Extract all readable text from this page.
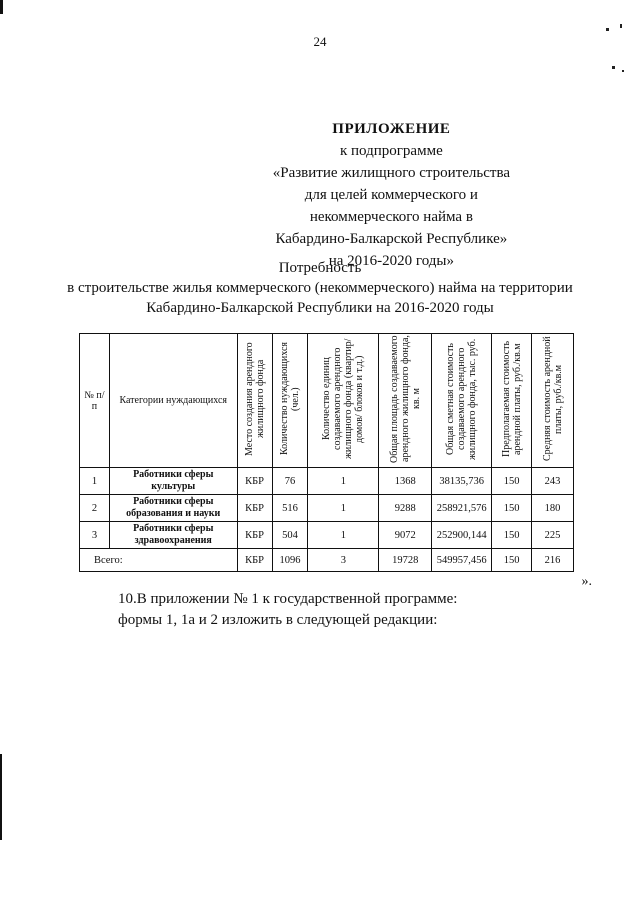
24
ПРИЛОЖЕНИЕ
к подпрограмме
«Развитие жилищного строительства
для целей коммерческого и
некоммерческого найма в
Кабардино-Балкарской Республике»
на 2016-2020 годы»
Потребность
в строительстве жилья коммерческого (некоммерческого) найма на территории
Кабардино-Балкарской Республики на 2016-2020 годы
№ п/п	Категории нуждающихся	Место создания арендного жилищного фонда	Количество нуждающихся (чел.)	Количество единиц создаваемого арендного жилищного фонда (квартир/домов/ блоков и т.д.)	Общая площадь создаваемого арендного жилищного фонда, кв. м	Общая сметная стоимость создаваемого арендного жилищного фонда, тыс. руб.	Предполагаемая стоимость арендной платы, руб./кв.м	Средняя стоимость арендной платы, руб./кв.м
1	Работники сферы культуры	КБР	76	1	1368	38135,736	150	243
2	Работники сферы образования и науки	КБР	516	1	9288	258921,576	150	180
3	Работники сферы здравоохранения	КБР	504	1	9072	252900,144	150	225
Всего:		КБР	1096	3	19728	549957,456	150	216
».
10.В приложении № 1 к государственной программе:
формы 1, 1а и 2 изложить в следующей редакции:
